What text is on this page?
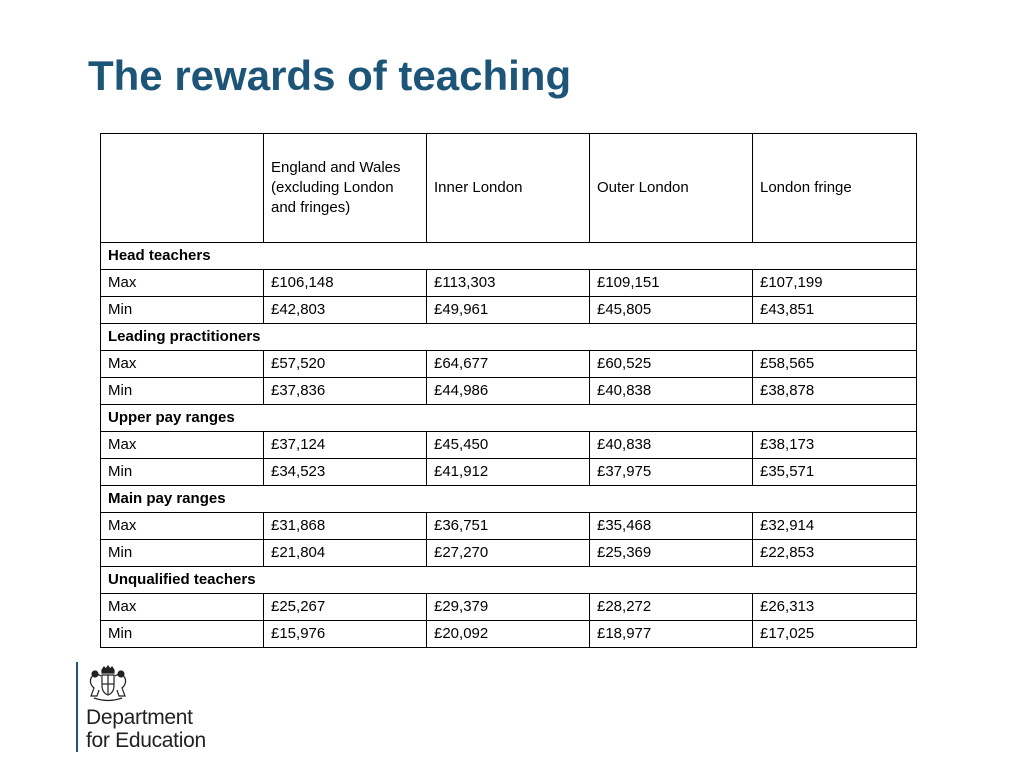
The rewards of teaching
	England and Wales (excluding London and fringes)	Inner London	Outer London	London fringe
Head teachers				
Max	£106,148	£113,303	£109,151	£107,199
Min	£42,803	£49,961	£45,805	£43,851
Leading practitioners				
Max	£57,520	£64,677	£60,525	£58,565
Min	£37,836	£44,986	£40,838	£38,878
Upper pay ranges				
Max	£37,124	£45,450	£40,838	£38,173
Min	£34,523	£41,912	£37,975	£35,571
Main pay ranges				
Max	£31,868	£36,751	£35,468	£32,914
Min	£21,804	£27,270	£25,369	£22,853
Unqualified teachers				
Max	£25,267	£29,379	£28,272	£26,313
Min	£15,976	£20,092	£18,977	£17,025
Department
for Education
